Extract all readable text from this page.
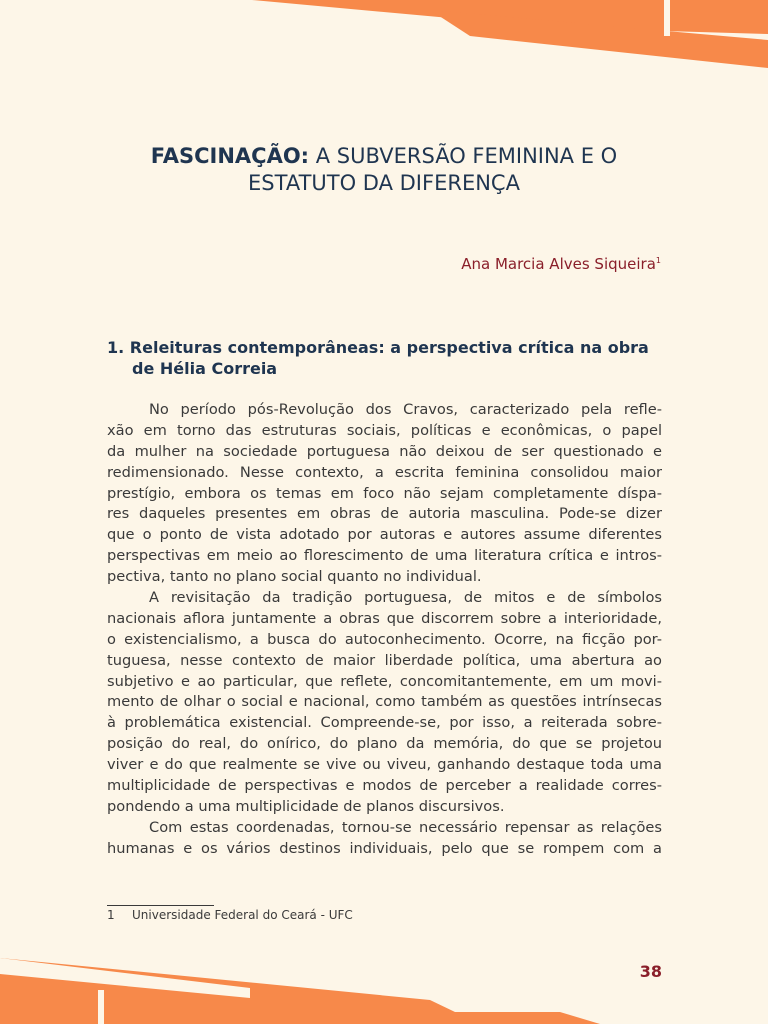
FASCINAÇÃO: A SUBVERSÃO FEMININA E O
ESTATUTO DA DIFERENÇA
Ana Marcia Alves Siqueira$^1$
1. Releituras contemporâneas: a perspectiva crítica na obra
de Hélia Correia
No período pós-Revolução dos Cravos, caracterizado pela refle-
xão em torno das estruturas sociais, políticas e econômicas, o papel
da mulher na sociedade portuguesa não deixou de ser questionado e
redimensionado. Nesse contexto, a escrita feminina consolidou maior
prestígio, embora os temas em foco não sejam completamente díspa-
res daqueles presentes em obras de autoria masculina. Pode-se dizer
que o ponto de vista adotado por autoras e autores assume diferentes
perspectivas em meio ao florescimento de uma literatura crítica e intros-
pectiva, tanto no plano social quanto no individual.
A revisitação da tradição portuguesa, de mitos e de símbolos
nacionais aflora juntamente a obras que discorrem sobre a interioridade,
o existencialismo, a busca do autoconhecimento. Ocorre, na ficção por-
tuguesa, nesse contexto de maior liberdade política, uma abertura ao
subjetivo e ao particular, que reflete, concomitantemente, em um movi-
mento de olhar o social e nacional, como também as questões intrínsecas
à problemática existencial. Compreende-se, por isso, a reiterada sobre-
posição do real, do onírico, do plano da memória, do que se projetou
viver e do que realmente se vive ou viveu, ganhando destaque toda uma
multiplicidade de perspectivas e modos de perceber a realidade corres-
pondendo a uma multiplicidade de planos discursivos.
Com estas coordenadas, tornou-se necessário repensar as relações
humanas e os vários destinos individuais, pelo que se rompem com a
1 Universidade Federal do Ceará - UFC
38
